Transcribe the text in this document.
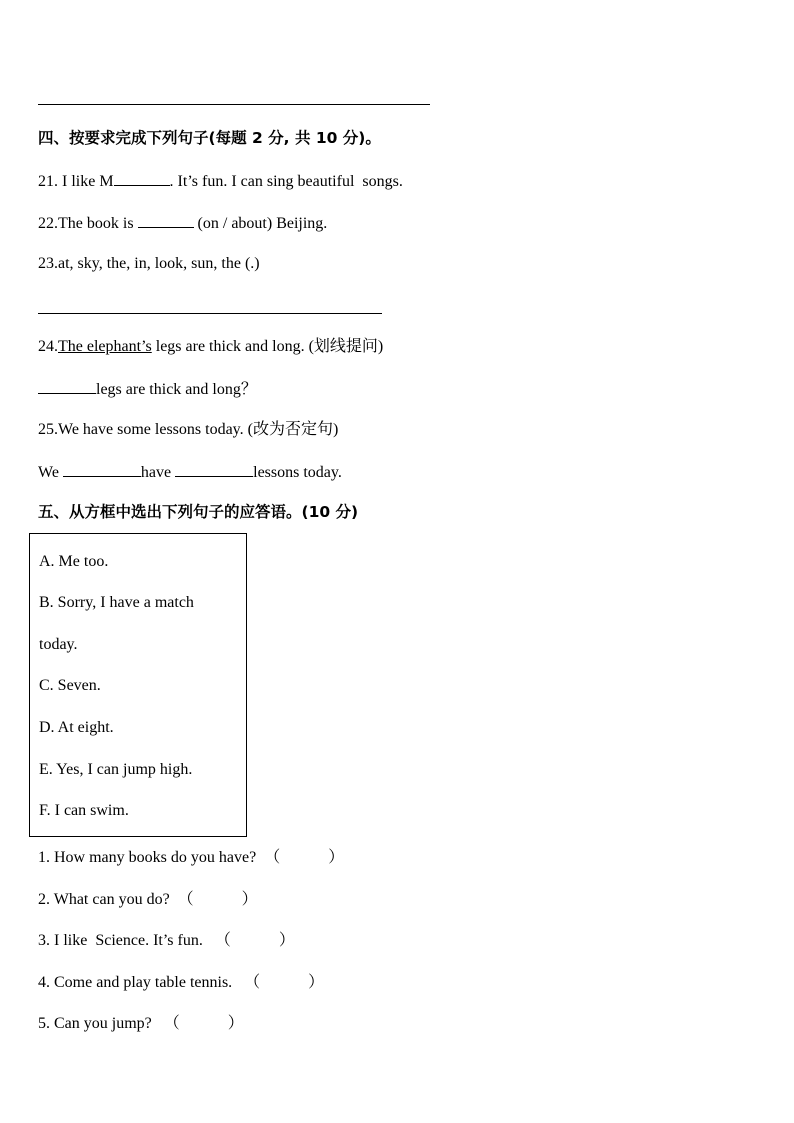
四、按要求完成下列句子(每题 2 分, 共 10 分)。
21. I like M	. It’s fun. I can sing beautiful  songs.
22.The book is	(on / about) Beijing.
23.at, sky, the, in, look, sun, the (.)
24.The elephant’s legs are thick and long. (划线提问)
legs are thick and long？
25.We have some lessons today. (改为否定句)
We	have	lessons today.
五、从方框中选出下列句子的应答语。(10 分)
A. Me too.
B. Sorry, I have a match
today.
C. Seven.
D. At eight.
E. Yes, I can jump high.
F. I can swim.
1. How many books do you have?  （            ）
2. What can you do?  （            ）
3. I like  Science. It’s fun.   （            ）
4. Come and play table tennis.   （            ）
5. Can you jump?   （            ）
